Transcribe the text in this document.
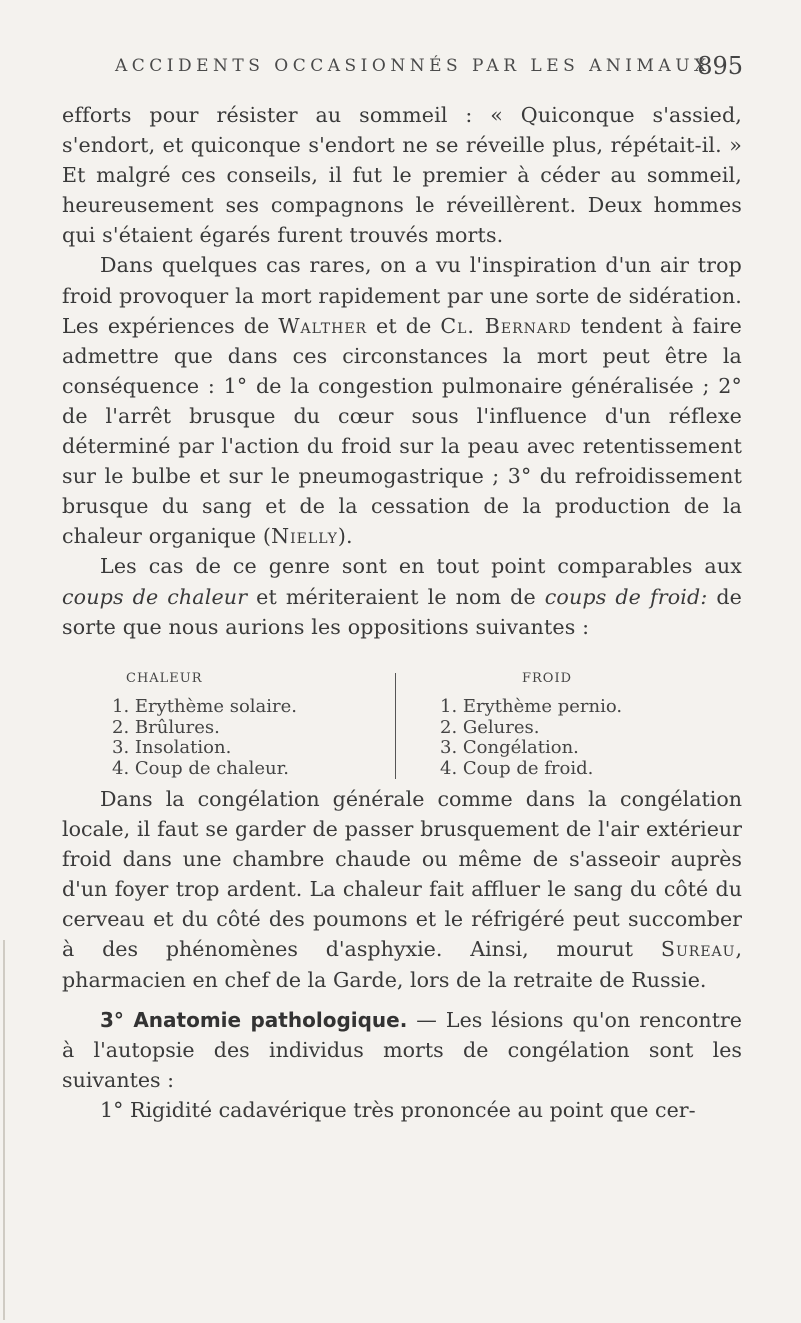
ACCIDENTS OCCASIONNÉS PAR LES ANIMAUX
895

efforts pour résister au sommeil : « Quiconque s'assied, s'endort, et quiconque s'endort ne se réveille plus, répétait-il. » Et malgré ces conseils, il fut le premier à céder au sommeil, heureusement ses compagnons le réveillèrent. Deux hommes qui s'étaient égarés furent trouvés morts.

Dans quelques cas rares, on a vu l'inspiration d'un air trop froid provoquer la mort rapidement par une sorte de sidération. Les expériences de Walther et de Cl. Bernard tendent à faire admettre que dans ces circonstances la mort peut être la conséquence : 1° de la congestion pulmonaire généralisée ; 2° de l'arrêt brusque du cœur sous l'influence d'un réflexe déterminé par l'action du froid sur la peau avec retentissement sur le bulbe et sur le pneumogastrique ; 3° du refroidissement brusque du sang et de la cessation de la production de la chaleur organique (Nielly).

Les cas de ce genre sont en tout point comparables aux coups de chaleur et mériteraient le nom de coups de froid: de sorte que nous aurions les oppositions suivantes :

CHALEUR
1. Erythème solaire.
2. Brûlures.
3. Insolation.
4. Coup de chaleur.
FROID
1. Erythème pernio.
2. Gelures.
3. Congélation.
4. Coup de froid.

Dans la congélation générale comme dans la congélation locale, il faut se garder de passer brusquement de l'air extérieur froid dans une chambre chaude ou même de s'asseoir auprès d'un foyer trop ardent. La chaleur fait affluer le sang du côté du cerveau et du côté des poumons et le réfrigéré peut succomber à des phénomènes d'asphyxie. Ainsi, mourut Sureau, pharmacien en chef de la Garde, lors de la retraite de Russie.

3° Anatomie pathologique. — Les lésions qu'on rencontre à l'autopsie des individus morts de congélation sont les suivantes :

1° Rigidité cadavérique très prononcée au point que cer-
